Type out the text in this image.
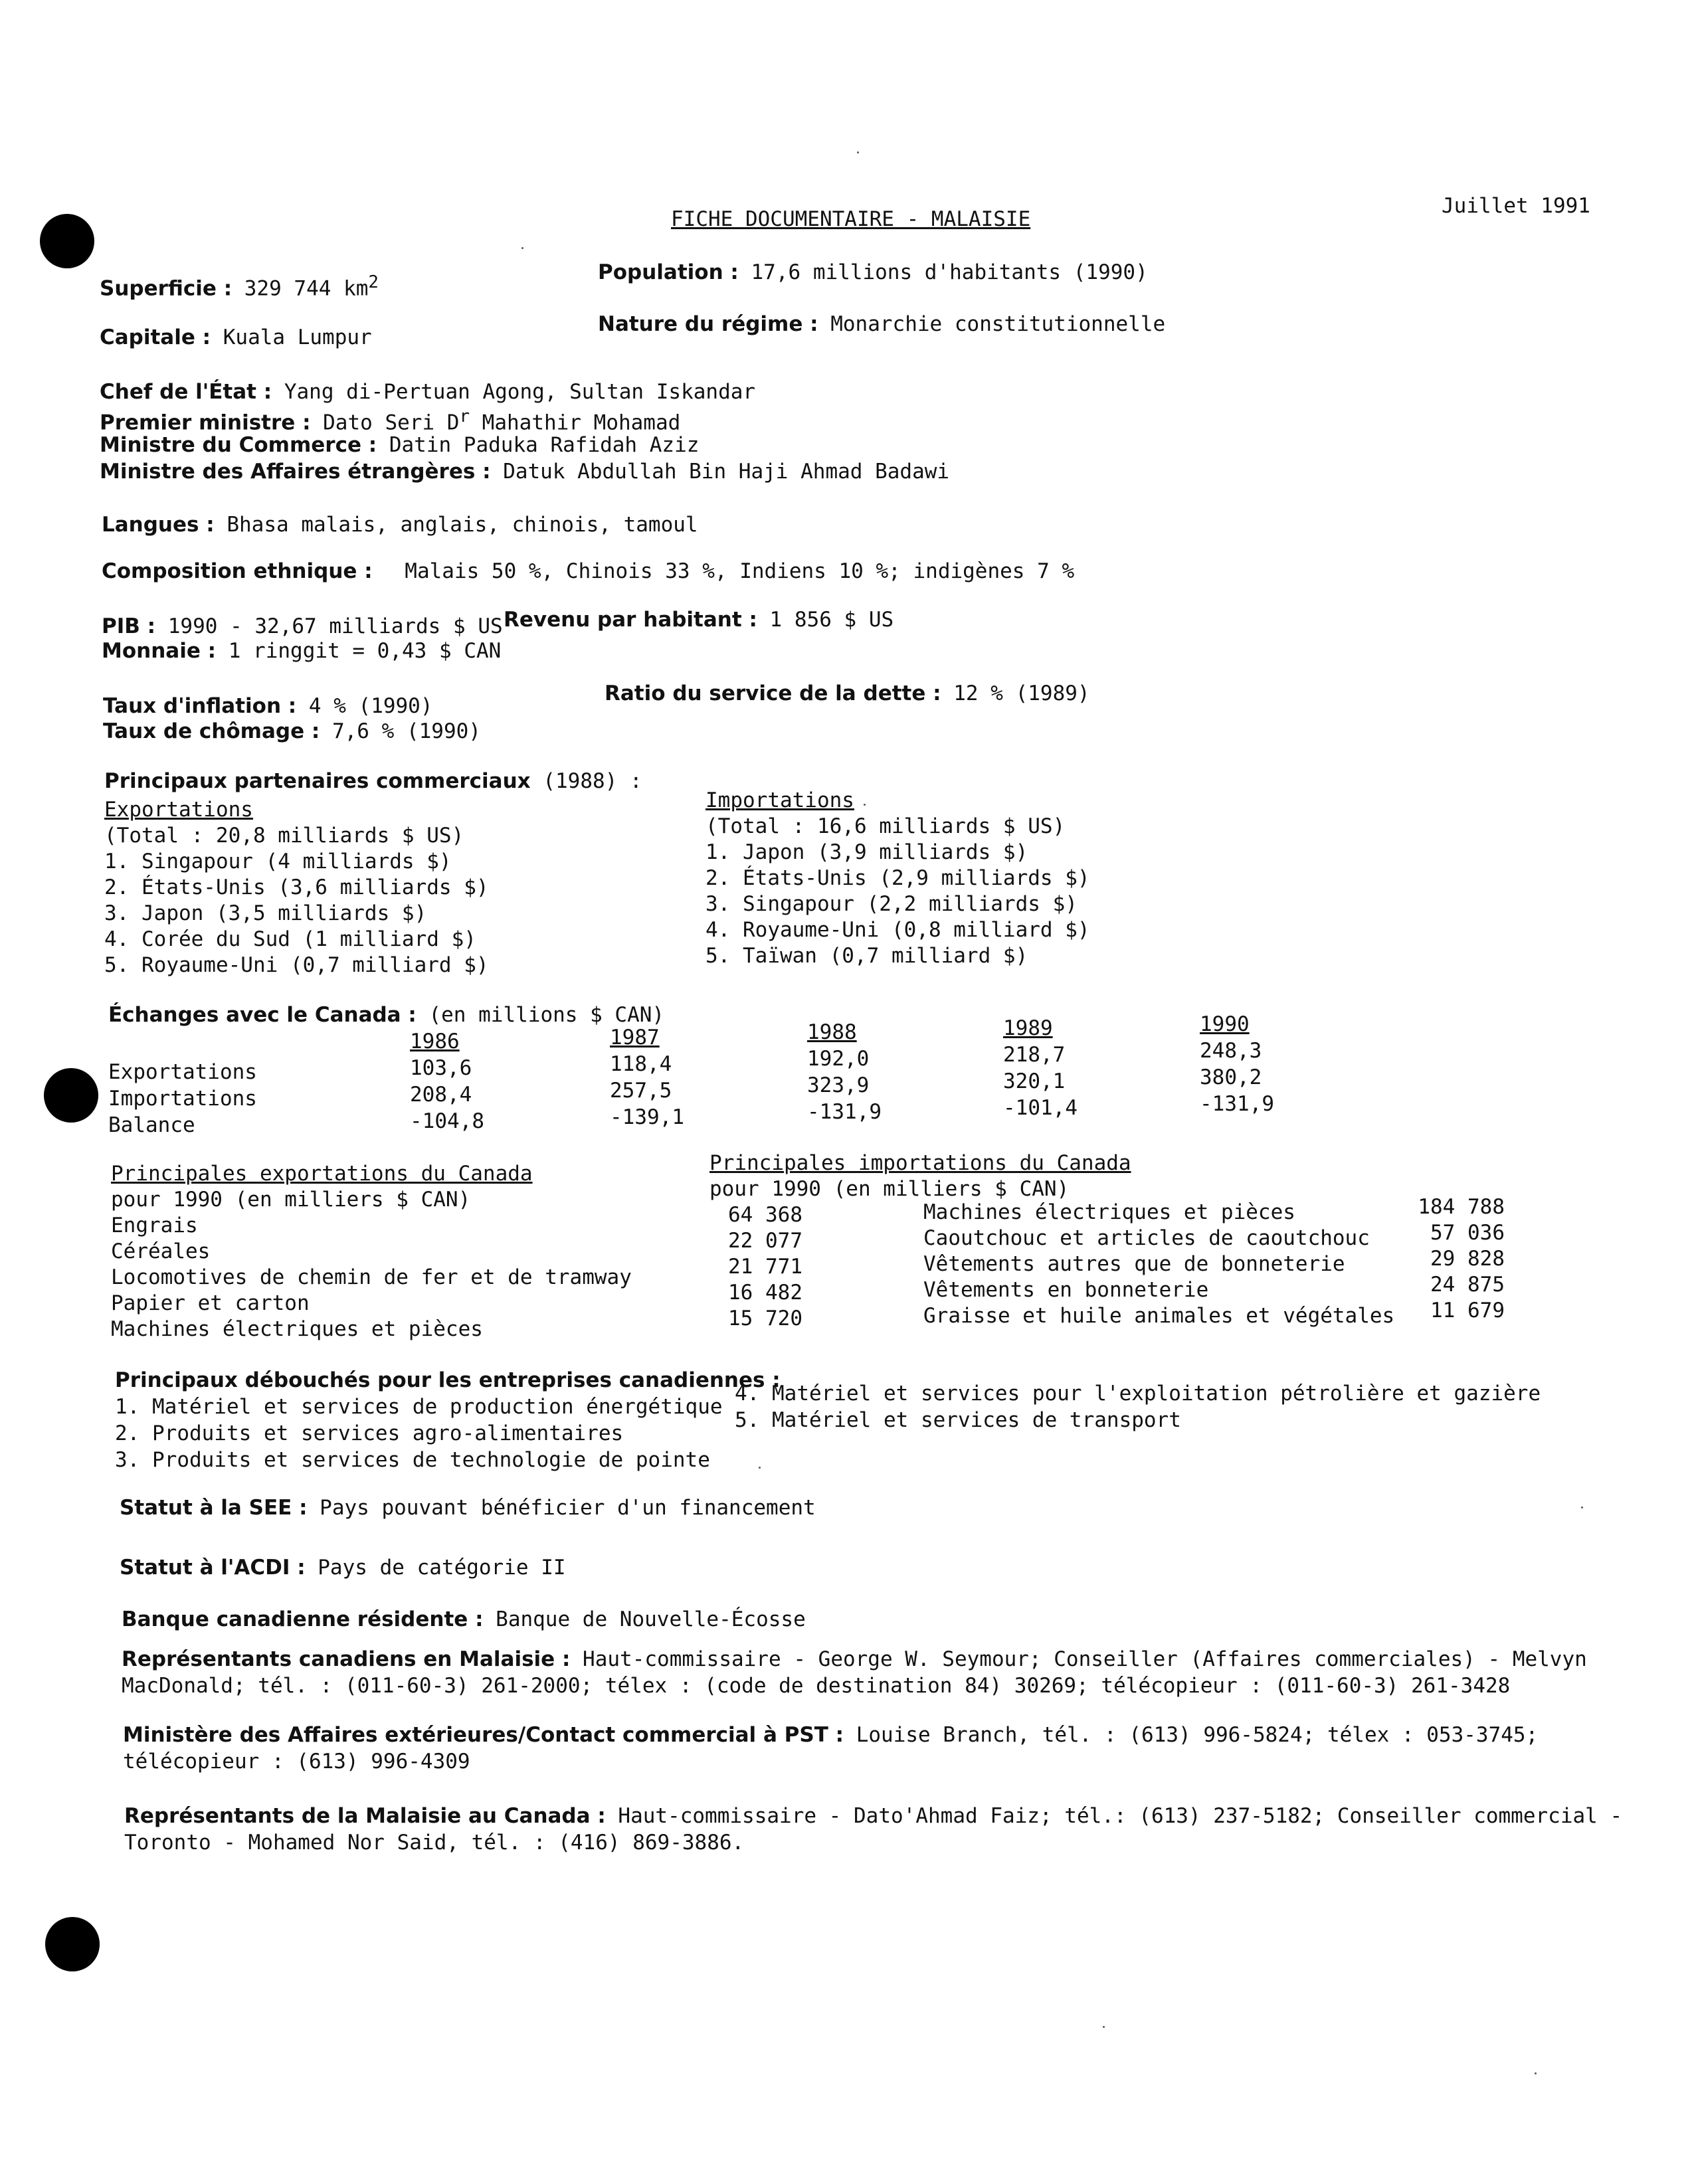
Juillet 1991
FICHE DOCUMENTAIRE - MALAISIE
Superficie : 329 744 $km^2$	Population : 17,6 millions d'habitants (1990)
Capitale : Kuala Lumpur
Nature du régime : Monarchie constitutionnelle
Chef de l'État : Yang di-Pertuan Agong, Sultan Iskandar
Premier ministre : Dato Seri $D^r$ Mahathir Mohamad
Ministre du Commerce : Datin Paduka Rafidah Aziz
Ministre des Affaires étrangères : Datuk Abdullah Bin Haji Ahmad Badawi
Langues : Bhasa malais, anglais, chinois, tamoul
Composition ethnique : Malais 50 %, Chinois 33 %, Indiens 10 %; indigènes 7 %
PIB : 1990 - 32,67 milliards $ US Revenu par habitant : 1 856 $ US
Monnaie : 1 ringgit = 0,43 $ CAN
Taux d'inflation : 4 % (1990)
Ratio du service de la dette : 12 % (1989)
Taux de chômage : 7,6 % (1990)
Principaux partenaires commerciaux (1988) :
Exportations
(Total : 20,8 milliards $ US)
1. Singapour (4 milliards $)
2. États-Unis (3,6 milliards $)
3. Japon (3,5 milliards $)
4. Corée du Sud (1 milliard $)
5. Royaume-Uni (0,7 milliard $)
Importations
(Total : 16,6 milliards $ US)
1. Japon (3,9 milliards $)
2. États-Unis (2,9 milliards $)
3. Singapour (2,2 milliards $)
4. Royaume-Uni (0,8 milliard $)
5. Taïwan (0,7 milliard $)
Échanges avec le Canada : (en millions $ CAN)
Exportations
Importations
Balance
1986
103,6
208,4
-104,8
1987
118,4
257,5
-139,1
1988
192,0
323,9
-131,9
1989
218,7
320,1
-101,4
1990
248,3
380,2
-131,9
Principales exportations du Canada
pour 1990 (en milliers $ CAN)
Engrais
Céréales
Locomotives de chemin de fer et de tramway
Papier et carton
Machines électriques et pièces
Principales importations du Canada
pour 1990 (en milliers $ CAN)
64 368
22 077
21 771
16 482
15 720
Machines électriques et pièces
Caoutchouc et articles de caoutchouc
Vêtements autres que de bonneterie
Vêtements en bonneterie
Graisse et huile animales et végétales
184 788
57 036
29 828
24 875
11 679
Principaux débouchés pour les entreprises canadiennes :
1. Matériel et services de production énergétique
2. Produits et services agro-alimentaires
3. Produits et services de technologie de pointe
4. Matériel et services pour l'exploitation pétrolière et gazière
5. Matériel et services de transport
Statut à la SEE : Pays pouvant bénéficier d'un financement
Statut à l'ACDI : Pays de catégorie II
Banque canadienne résidente : Banque de Nouvelle-Écosse
Représentants canadiens en Malaisie : Haut-commissaire - George W. Seymour; Conseiller (Affaires commerciales) - Melvyn
MacDonald; tél. : (011-60-3) 261-2000; télex : (code de destination 84) 30269; télécopieur : (011-60-3) 261-3428
Ministère des Affaires extérieures/Contact commercial à PST : Louise Branch, tél. : (613) 996-5824; télex : 053-3745;
télécopieur : (613) 996-4309
Représentants de la Malaisie au Canada : Haut-commissaire - Dato'Ahmad Faiz; tél.: (613) 237-5182; Conseiller commercial -
Toronto - Mohamed Nor Said, tél. : (416) 869-3886.
